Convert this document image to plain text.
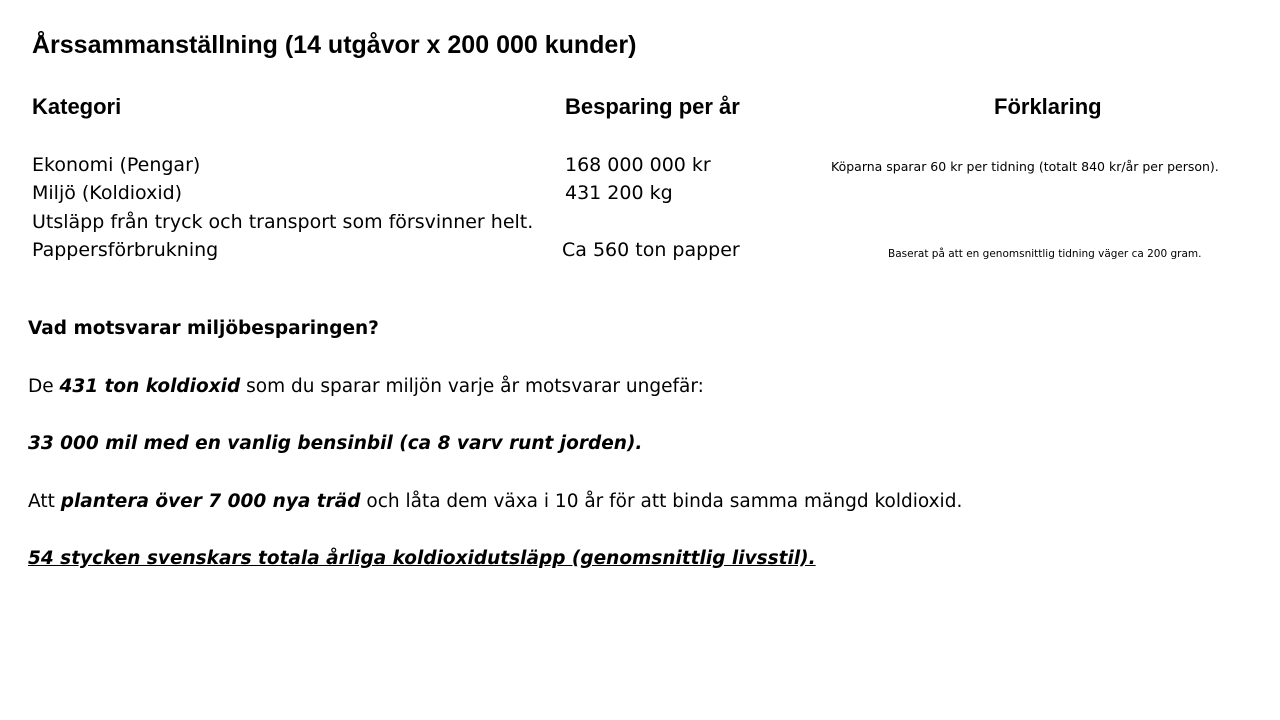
Årssammanställning (14 utgåvor x 200 000 kunder)
Kategori	Besparing per år	Förklaring
Ekonomi (Pengar)	168 000 000 kr	Köparna sparar 60 kr per tidning (totalt 840 kr/år per person).
Miljö (Koldioxid)	431 200 kg
Utsläpp från tryck och transport som försvinner helt.
Pappersförbrukning	Ca 560 ton papper	Baserat på att en genomsnittlig tidning väger ca 200 gram.
Vad motsvarar miljöbesparingen?
De 431 ton koldioxid som du sparar miljön varje år motsvarar ungefär:
33 000 mil med en vanlig bensinbil (ca 8 varv runt jorden).
Att plantera över 7 000 nya träd och låta dem växa i 10 år för att binda samma mängd koldioxid.
54 stycken svenskars totala årliga koldioxidutsläpp (genomsnittlig livsstil).
